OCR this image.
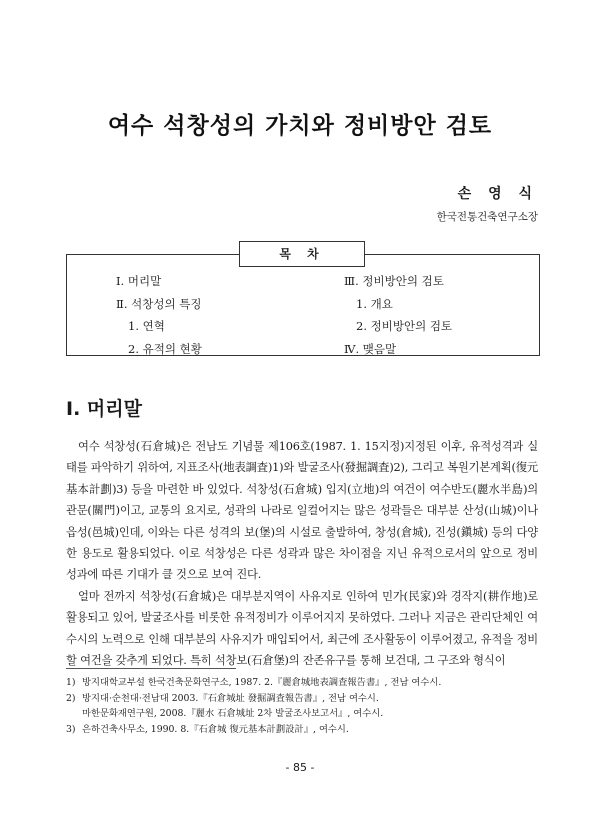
여수 석창성의 가치와 정비방안 검토
손 영 식
한국전통건축연구소장
목 차
Ⅰ. 머리말
Ⅱ. 석창성의 특징
1. 연혁
2. 유적의 현황
Ⅲ. 정비방안의 검토
1. 개요
2. 정비방안의 검토
Ⅳ. 맺음말
Ⅰ. 머리말

여수 석창성(石倉城)은 전남도 기념물 제106호(1987. 1. 15지정)지정된 이후, 유적성격과 실태를 파악하기 위하여, 지표조사(地表調査)1)와 발굴조사(發掘調査)2), 그리고 복원기본계획(復元基本計劃)3) 등을 마련한 바 있었다. 석창성(石倉城) 입지(立地)의 여건이 여수반도(麗水半島)의 관문(關門)이고, 교통의 요지로, 성곽의 나라로 일컬어지는 많은 성곽들은 대부분 산성(山城)이나 읍성(邑城)인데, 이와는 다른 성격의 보(堡)의 시설로 출발하여, 창성(倉城), 진성(鎭城) 등의 다양한 용도로 활용되었다. 이로 석창성은 다른 성곽과 많은 차이점을 지닌 유적으로서의 앞으로 정비성과에 따른 기대가 클 것으로 보여 진다.

얼마 전까지 석창성(石倉城)은 대부분지역이 사유지로 인하여 민가(民家)와 경작지(耕作地)로 활용되고 있어, 발굴조사를 비롯한 유적정비가 이루어지지 못하였다. 그러나 지금은 관리단체인 여수시의 노력으로 인해 대부분의 사유지가 매입되어서, 최근에 조사활동이 이루어졌고, 유적을 정비할 여건을 갖추게 되었다. 특히 석창보(石倉堡)의 잔존유구를 통해 보건대, 그 구조와 형식이

1) 방지대학교부설 한국건축문화연구소, 1987. 2.『麗倉城地表調査報告書』, 전남 여수시.
2) 방지대·순천대·전남대 2003.『石倉城址 發掘調査報告書』, 전남 여수시.
마한문화재연구원, 2008.『麗水 石倉城址 2차 발굴조사보고서』, 여수시.
3) 은하건축사무소, 1990. 8.『石倉城 復元基本計劃設計』, 여수시.
- 85 -
